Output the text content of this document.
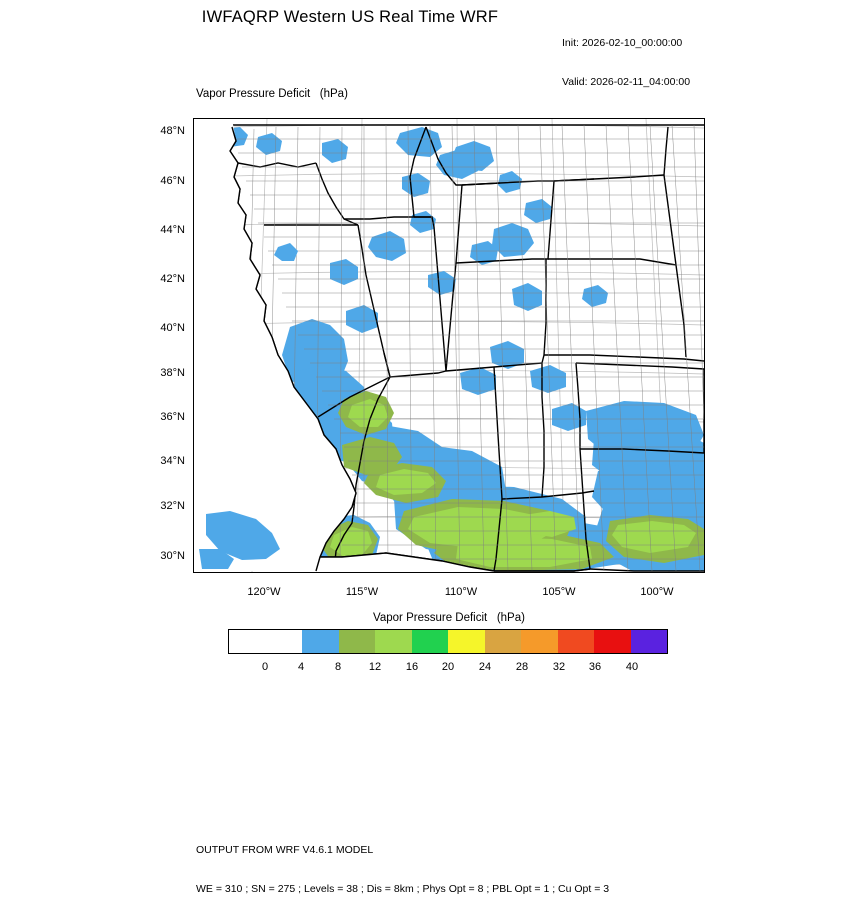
IWFAQRP Western US Real Time WRF

Init: 2026-02-10_00:00:00

Valid: 2026-02-11_04:00:00

Vapor Pressure Deficit   (hPa)
48°N
46°N
44°N
42°N
40°N
38°N
36°N
34°N
32°N
30°N
120°W	115°W	110°W	105°W	100°W
Vapor Pressure Deficit   (hPa)
0	4	8	12	16	20	24	28	32	36	40

OUTPUT FROM WRF V4.6.1 MODEL

WE = 310 ; SN = 275 ; Levels = 38 ; Dis = 8km ; Phys Opt = 8 ; PBL Opt = 1 ; Cu Opt = 3
